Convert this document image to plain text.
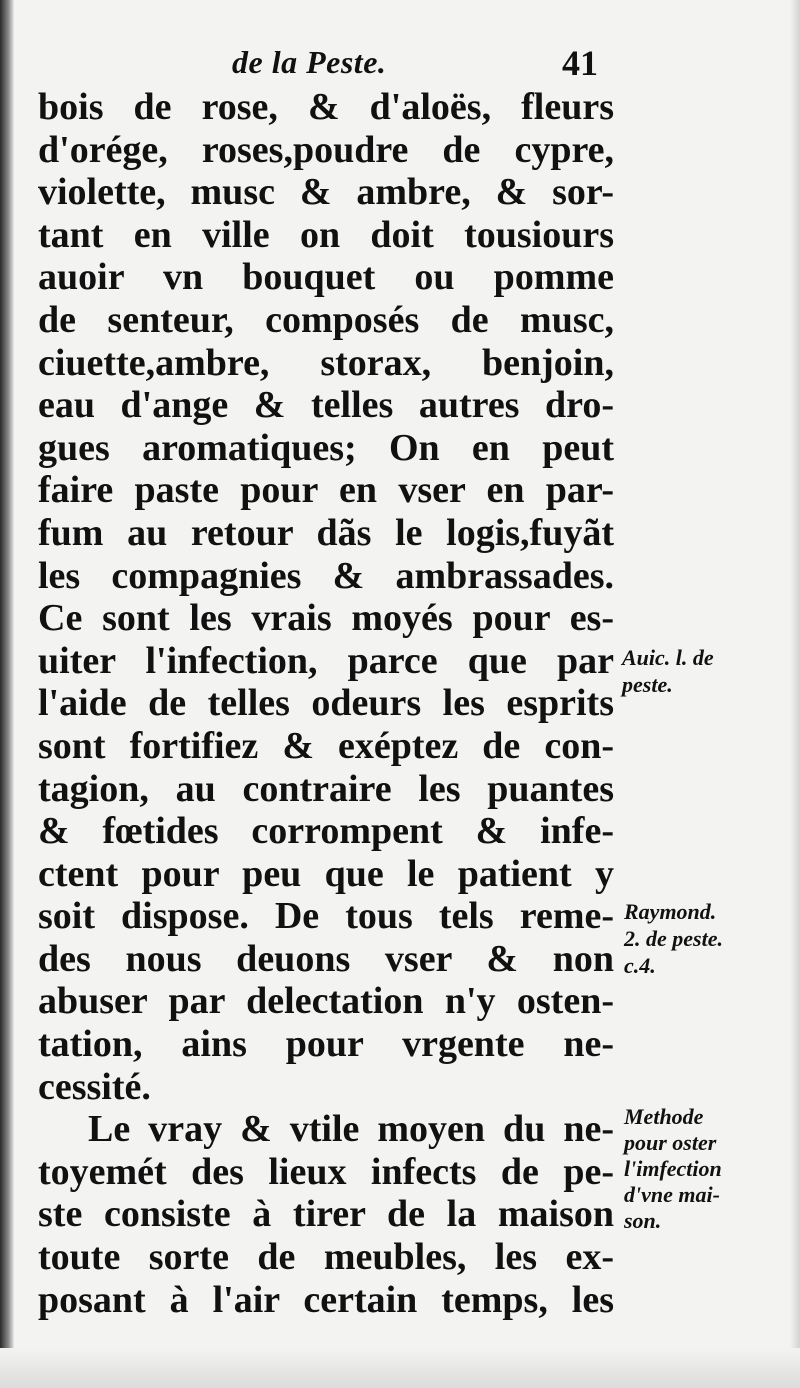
de la Peste.	41
bois de rose, & d'aloës, fleurs
d'orége, roses,poudre de cypre,
violette, musc & ambre, & sor-
tant en ville on doit tousiours
auoir vn bouquet ou pomme
de senteur, composés de musc,
ciuette,ambre, storax, benjoin,
eau d'ange & telles autres dro-
gues aromatiques; On en peut
faire paste pour en vser en par-
fum au retour dãs le logis,fuyãt
les compagnies & ambrassades.
Ce sont les vrais moyés pour es-
uiter l'infection, parce que par
l'aide de telles odeurs les esprits
sont fortifiez & exéptez de con-
tagion, au contraire les puantes
& fœtides corrompent & infe-
ctent pour peu que le patient y
soit dispose. De tous tels reme-
des nous deuons vser & non
abuser par delectation n'y osten-
tation, ains pour vrgente ne-
cessité.
Le vray & vtile moyen du ne-
toyemét des lieux infects de pe-
ste consiste à tirer de la maison
toute sorte de meubles, les ex-
posant à l'air certain temps, les
Auic. l. de
peste.
Raymond.
2. de peste.
c.4.
Methode
pour oster
l'imfection
d'vne mai-
son.
